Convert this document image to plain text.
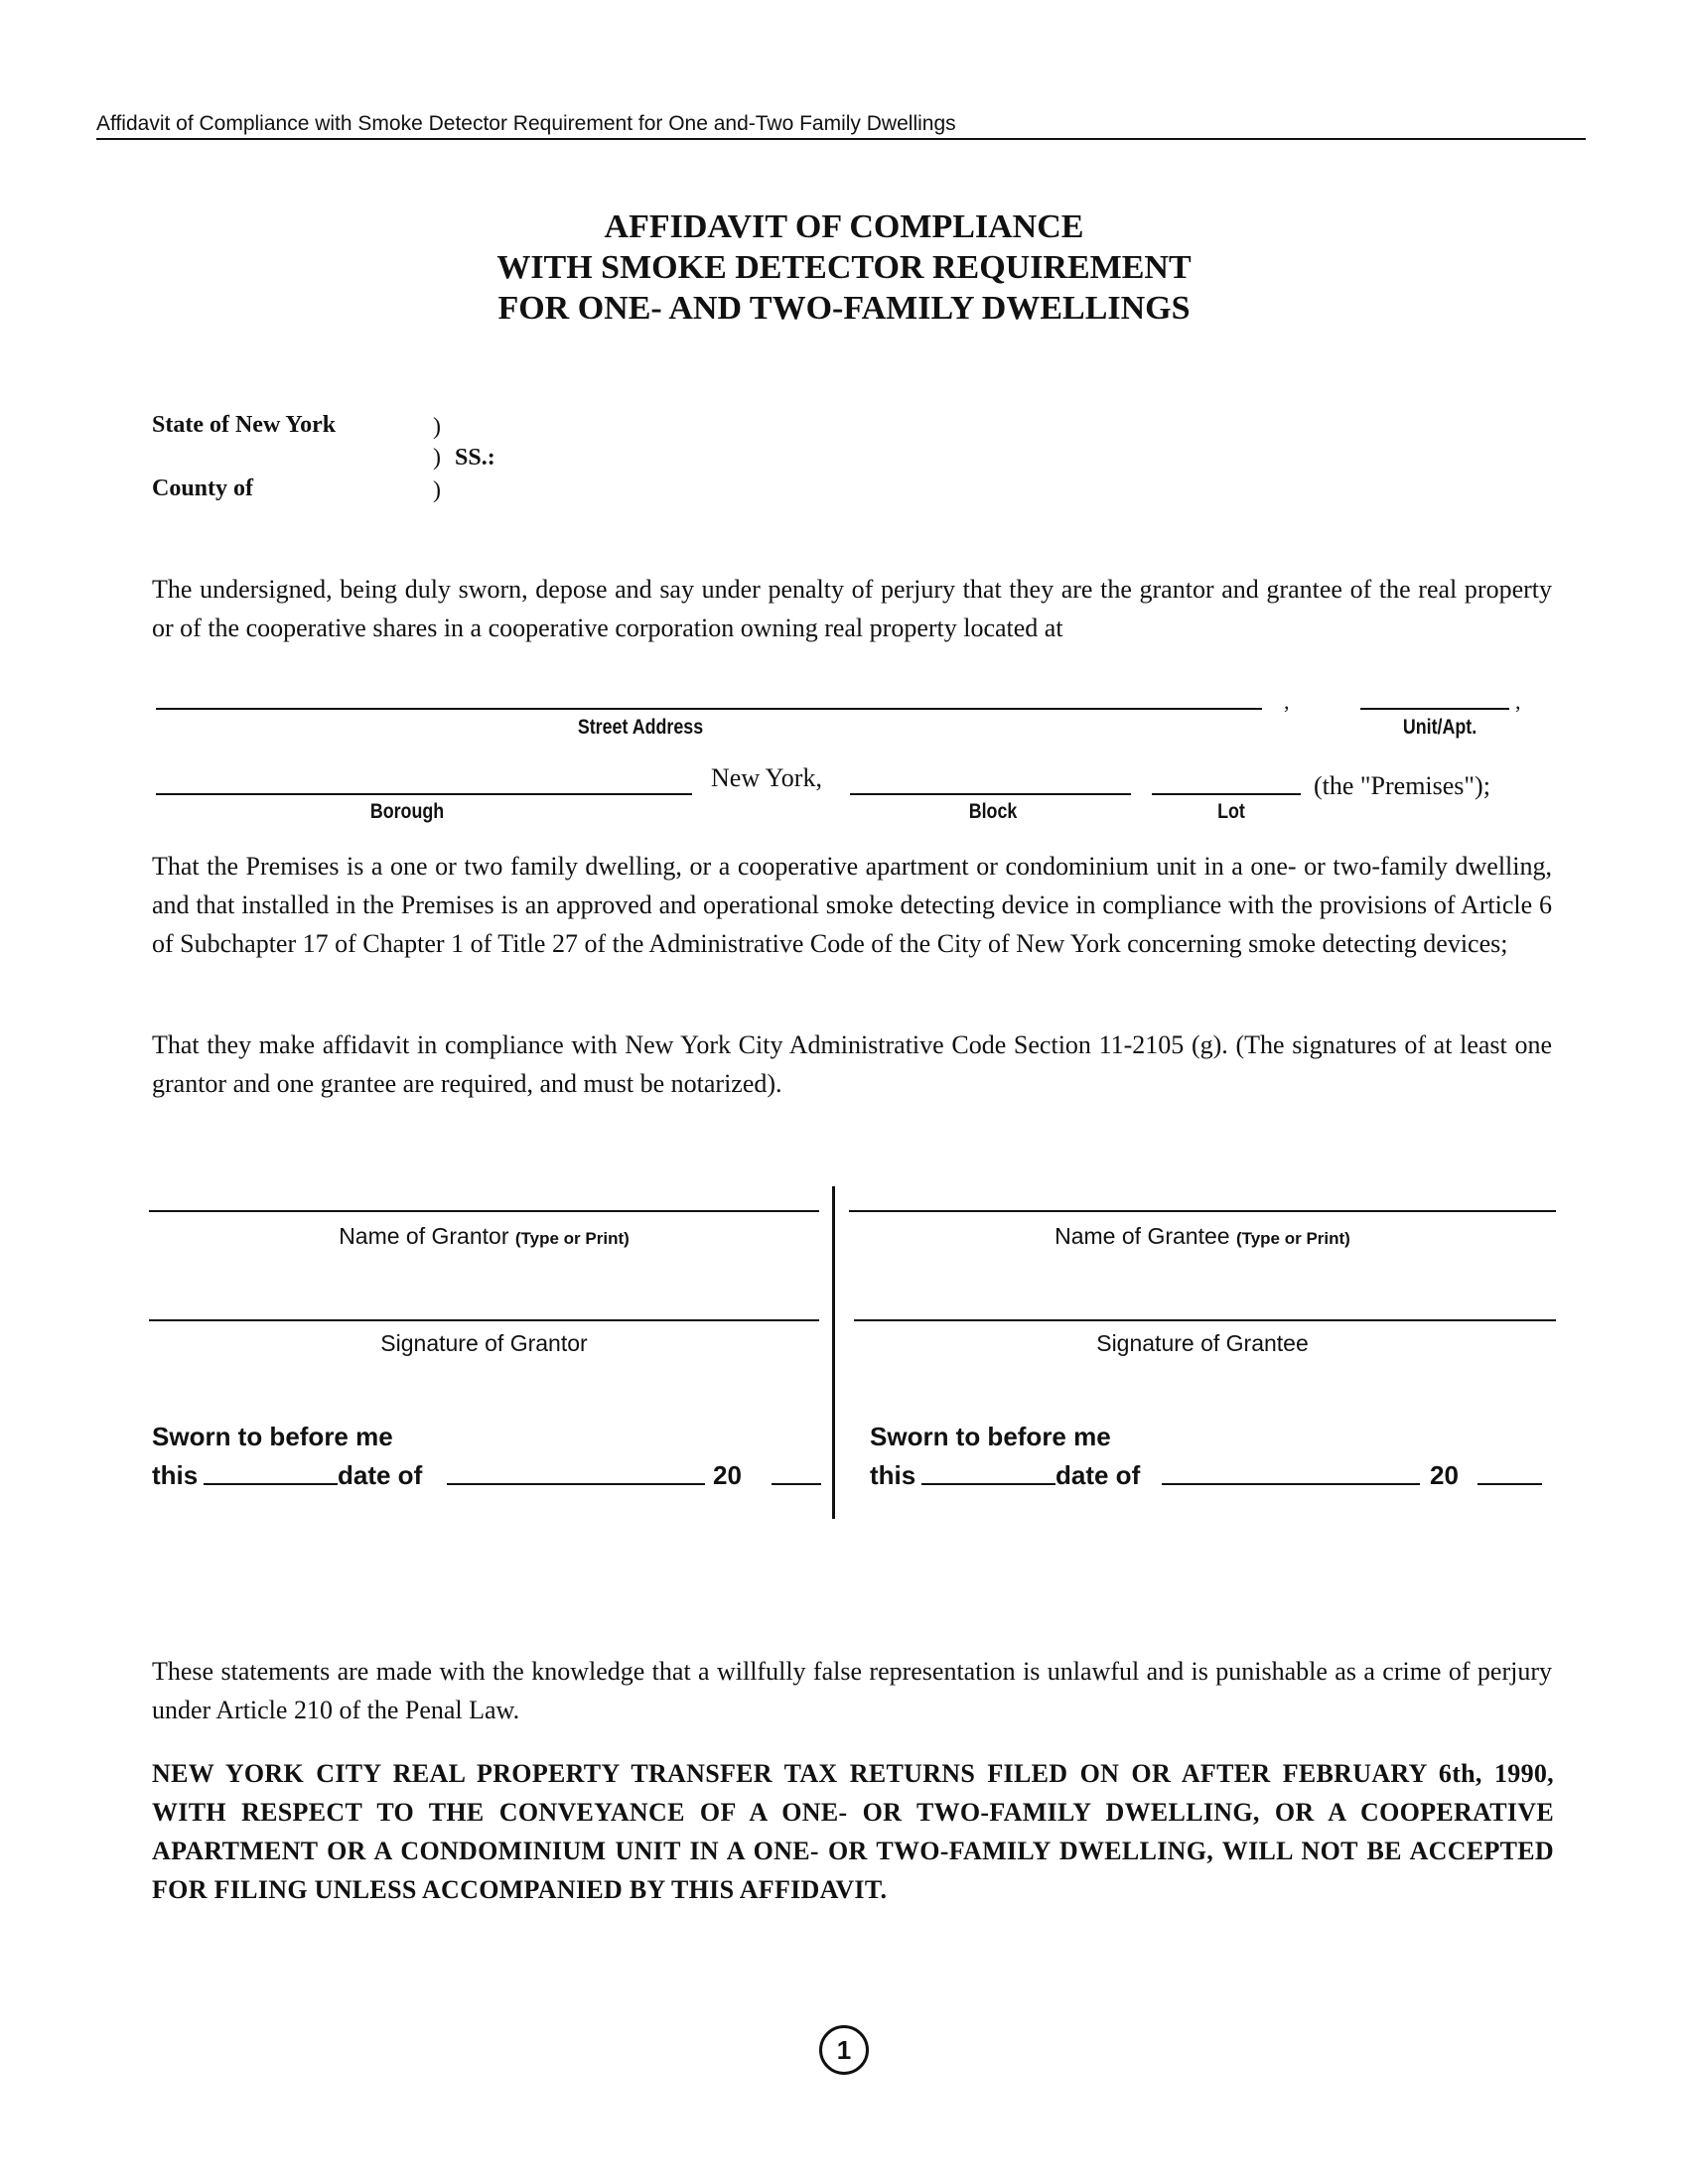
Affidavit of Compliance with Smoke Detector Requirement for One and-Two Family Dwellings
AFFIDAVIT OF COMPLIANCE
WITH SMOKE DETECTOR REQUIREMENT
FOR ONE- AND TWO-FAMILY DWELLINGS
State of New York	)
) SS.:
County of	)
The undersigned, being duly sworn, depose and say under penalty of perjury that they are the grantor and grantee of the real property or of the cooperative shares in a cooperative corporation owning real property located at
,	,
Street Address	Unit/Apt.
New York,	(the "Premises");
Borough	Block	Lot
That the Premises is a one or two family dwelling, or a cooperative apartment or condominium unit in a one- or two-family dwelling, and that installed in the Premises is an approved and operational smoke detecting device in compliance with the provisions of Article 6 of Subchapter 17 of Chapter 1 of Title 27 of the Administrative Code of the City of New York concerning smoke detecting devices;
That they make affidavit in compliance with New York City Administrative Code Section 11-2105 (g). (The signatures of at least one grantor and one grantee are required, and must be notarized).
Name of Grantor (Type or Print)
Signature of Grantor
Sworn to before me
this	date of	20
Name of Grantee (Type or Print)
Signature of Grantee
Sworn to before me
this	date of	20
These statements are made with the knowledge that a willfully false representation is unlawful and is punishable as a crime of perjury under Article 210 of the Penal Law.
NEW YORK CITY REAL PROPERTY TRANSFER TAX RETURNS FILED ON OR AFTER FEBRUARY 6th, 1990, WITH RESPECT TO THE CONVEYANCE OF A ONE- OR TWO-FAMILY DWELLING, OR A COOPERATIVE APARTMENT OR A CONDOMINIUM UNIT IN A ONE- OR TWO-FAMILY DWELLING, WILL NOT BE ACCEPTED FOR FILING UNLESS ACCOMPANIED BY THIS AFFIDAVIT.
1
